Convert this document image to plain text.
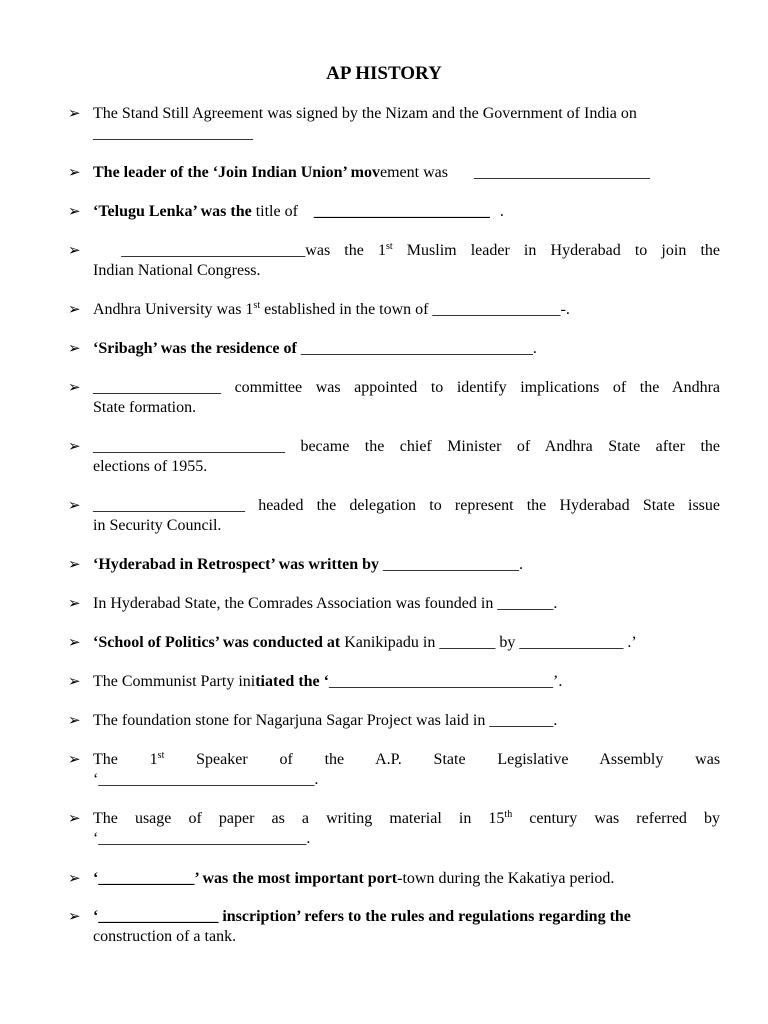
AP HISTORY
➢ The Stand Still Agreement was signed by the Nizam and the Government of India on
____________________
➢ The leader of the ‘Join Indian Union’ movement was ______________________
➢ ‘Telugu Lenka’ was the title of ______________________ .
➢	_______________________was the 1st Muslim leader in Hyderabad to join the
Indian National Congress.
➢ Andhra University was 1st established in the town of ________________-.
➢ ‘Sribagh’ was the residence of _____________________________.
➢ ________________ committee was appointed to identify implications of the Andhra
State formation.
➢ ________________________ became the chief Minister of Andhra State after the
elections of 1955.
➢ ___________________ headed the delegation to represent the Hyderabad State issue
in Security Council.
➢ ‘Hyderabad in Retrospect’ was written by _________________.
➢ In Hyderabad State, the Comrades Association was founded in _______.
➢ ‘School of Politics’ was conducted at Kanikipadu in _______ by _____________ .’
➢ The Communist Party initiated the ‘____________________________’.
➢ The foundation stone for Nagarjuna Sagar Project was laid in ________.
➢ The 1st Speaker of the A.P. State Legislative Assembly was
‘___________________________.
➢ The usage of paper as a writing material in 15th century was referred by
‘__________________________.
➢ ‘____________’ was the most important port-town during the Kakatiya period.
➢ ‘_______________ inscription’ refers to the rules and regulations regarding the
construction of a tank.
